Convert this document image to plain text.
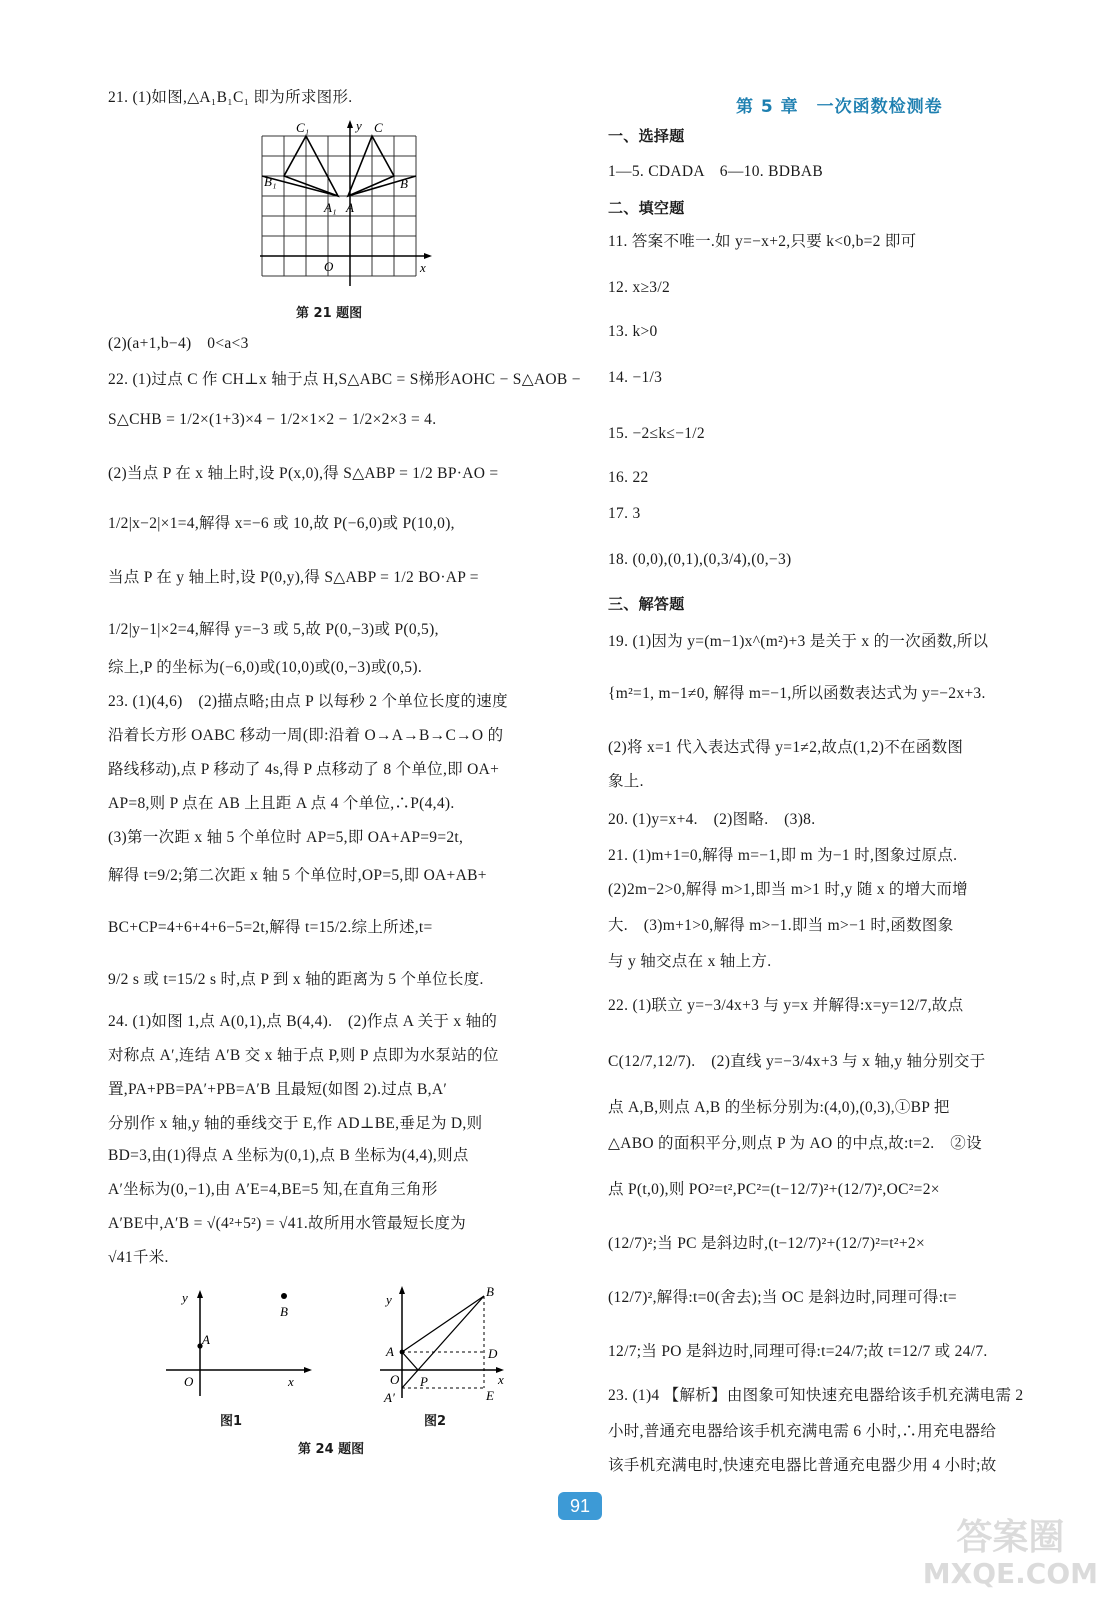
21. (1)如图,△A₁B₁C₁ 即为所求图形.
C₁	y C
B₁	B
A₁ A
O	x
第 21 题图
(2)(a+1,b−4)　0<a<3
22. (1)过点 C 作 CH⊥x 轴于点 H,S△ABC = S梯形AOHC − S△AOB −
S△CHB = 1/2×(1+3)×4 − 1/2×1×2 − 1/2×2×3 = 4.
(2)当点 P 在 x 轴上时,设 P(x,0),得 S△ABP = 1/2 BP·AO =
1/2|x−2|×1=4,解得 x=−6 或 10,故 P(−6,0)或 P(10,0),
当点 P 在 y 轴上时,设 P(0,y),得 S△ABP = 1/2 BO·AP =
1/2|y−1|×2=4,解得 y=−3 或 5,故 P(0,−3)或 P(0,5),
综上,P 的坐标为(−6,0)或(10,0)或(0,−3)或(0,5).
23. (1)(4,6)　(2)描点略;由点 P 以每秒 2 个单位长度的速度
沿着长方形 OABC 移动一周(即:沿着 O→A→B→C→O 的
路线移动),点 P 移动了 4s,得 P 点移动了 8 个单位,即 OA+
AP=8,则 P 点在 AB 上且距 A 点 4 个单位,∴P(4,4).
(3)第一次距 x 轴 5 个单位时 AP=5,即 OA+AP=9=2t,
解得 t=9/2;第二次距 x 轴 5 个单位时,OP=5,即 OA+AB+
BC+CP=4+6+4+6−5=2t,解得 t=15/2.综上所述,t=
9/2 s 或 t=15/2 s 时,点 P 到 x 轴的距离为 5 个单位长度.
24. (1)如图 1,点 A(0,1),点 B(4,4).　(2)作点 A 关于 x 轴的
对称点 A′,连结 A′B 交 x 轴于点 P,则 P 点即为水泵站的位
置,PA+PB=PA′+PB=A′B 且最短(如图 2).过点 B,A′
分别作 x 轴,y 轴的垂线交于 E,作 AD⊥BE,垂足为 D,则
BD=3,由(1)得点 A 坐标为(0,1),点 B 坐标为(4,4),则点
A′坐标为(0,−1),由 A′E=4,BE=5 知,在直角三角形
A′BE中,A′B = √(4²+5²) = √41.故所用水管最短长度为
√41千米.
y
B
A
O	x
图1
y
B
A	D
O P
A′	E
x
图2
第 24 题图
第 5 章　一次函数检测卷
一、选择题
1—5. CDADA　6—10. BDBAB
二、填空题
11. 答案不唯一.如 y=−x+2,只要 k<0,b=2 即可
12. x≥3/2
13. k>0
14. −1/3
15. −2≤k≤−1/2
16. 22
17. 3
18. (0,0),(0,1),(0,3/4),(0,−3)
三、解答题
19. (1)因为 y=(m−1)x^(m²)+3 是关于 x 的一次函数,所以
{m²=1, m−1≠0, 解得 m=−1,所以函数表达式为 y=−2x+3.
(2)将 x=1 代入表达式得 y=1≠2,故点(1,2)不在函数图
象上.
20. (1)y=x+4.　(2)图略.　(3)8.
21. (1)m+1=0,解得 m=−1,即 m 为−1 时,图象过原点.
(2)2m−2>0,解得 m>1,即当 m>1 时,y 随 x 的增大而增
大.　(3)m+1>0,解得 m>−1.即当 m>−1 时,函数图象
与 y 轴交点在 x 轴上方.
22. (1)联立 y=−3/4x+3 与 y=x 并解得:x=y=12/7,故点
C(12/7,12/7).　(2)直线 y=−3/4x+3 与 x 轴,y 轴分别交于
点 A,B,则点 A,B 的坐标分别为:(4,0),(0,3),①BP 把
△ABO 的面积平分,则点 P 为 AO 的中点,故:t=2.　②设
点 P(t,0),则 PO²=t²,PC²=(t−12/7)²+(12/7)²,OC²=2×
(12/7)²;当 PC 是斜边时,(t−12/7)²+(12/7)²=t²+2×
(12/7)²,解得:t=0(舍去);当 OC 是斜边时,同理可得:t=
12/7;当 PO 是斜边时,同理可得:t=24/7;故 t=12/7 或 24/7.
23. (1)4 【解析】由图象可知快速充电器给该手机充满电需 2
小时,普通充电器给该手机充满电需 6 小时,∴用充电器给
该手机充满电时,快速充电器比普通充电器少用 4 小时;故
91
答案圈
MXQE.COM
